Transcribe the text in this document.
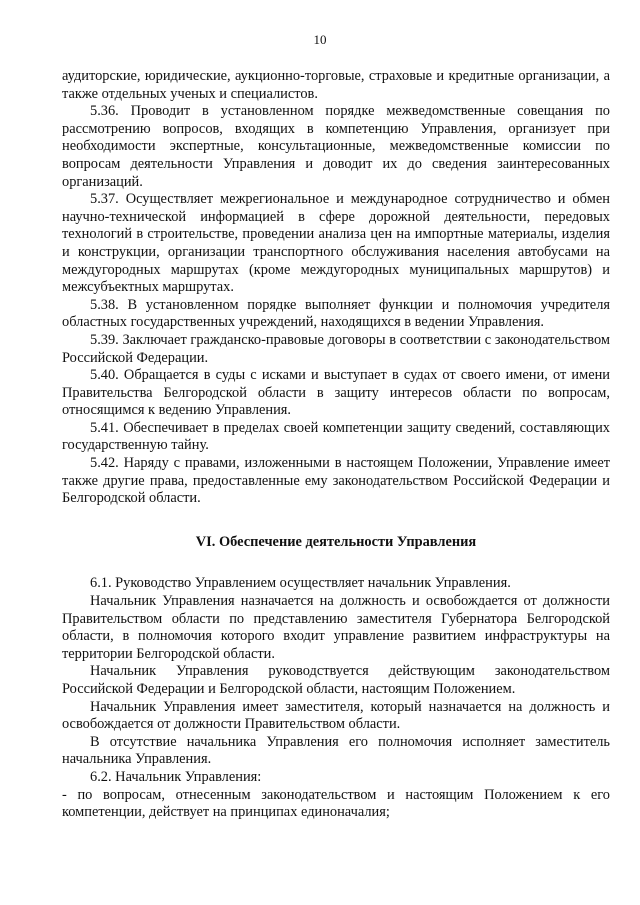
10

аудиторские, юридические, аукционно-торговые, страховые и кредитные организации, а также отдельных ученых и специалистов.

5.36. Проводит в установленном порядке межведомственные совещания по рассмотрению вопросов, входящих в компетенцию Управления, организует при необходимости экспертные, консультационные, межведомственные комиссии по вопросам деятельности Управления и доводит их до сведения заинтересованных организаций.

5.37. Осуществляет межрегиональное и международное сотрудничество и обмен научно-технической информацией в сфере дорожной деятельности, передовых технологий в строительстве, проведении анализа цен на импортные материалы, изделия и конструкции, организации транспортного обслуживания населения автобусами на междугородных маршрутах (кроме междугородных муниципальных маршрутов) и межсубъектных маршрутах.

5.38. В установленном порядке выполняет функции и полномочия учредителя областных государственных учреждений, находящихся в ведении Управления.

5.39. Заключает гражданско-правовые договоры в соответствии с законодательством Российской Федерации.

5.40. Обращается в суды с исками и выступает в судах от своего имени, от имени Правительства Белгородской области в защиту интересов области по вопросам, относящимся к ведению Управления.

5.41. Обеспечивает в пределах своей компетенции защиту сведений, составляющих государственную тайну.

5.42. Наряду с правами, изложенными в настоящем Положении, Управление имеет также другие права, предоставленные ему законодательством Российской Федерации и Белгородской области.

VI. Обеспечение деятельности Управления

6.1. Руководство Управлением осуществляет начальник Управления.

Начальник Управления назначается на должность и освобождается от должности Правительством области по представлению заместителя Губернатора Белгородской области, в полномочия которого входит управление развитием инфраструктуры на территории Белгородской области.

Начальник Управления руководствуется действующим законодательством Российской Федерации и Белгородской области, настоящим Положением.

Начальник Управления имеет заместителя, который назначается на должность и освобождается от должности Правительством области.

В отсутствие начальника Управления его полномочия исполняет заместитель начальника Управления.

6.2. Начальник Управления:

- по вопросам, отнесенным законодательством и настоящим Положением к его компетенции, действует на принципах единоначалия;
